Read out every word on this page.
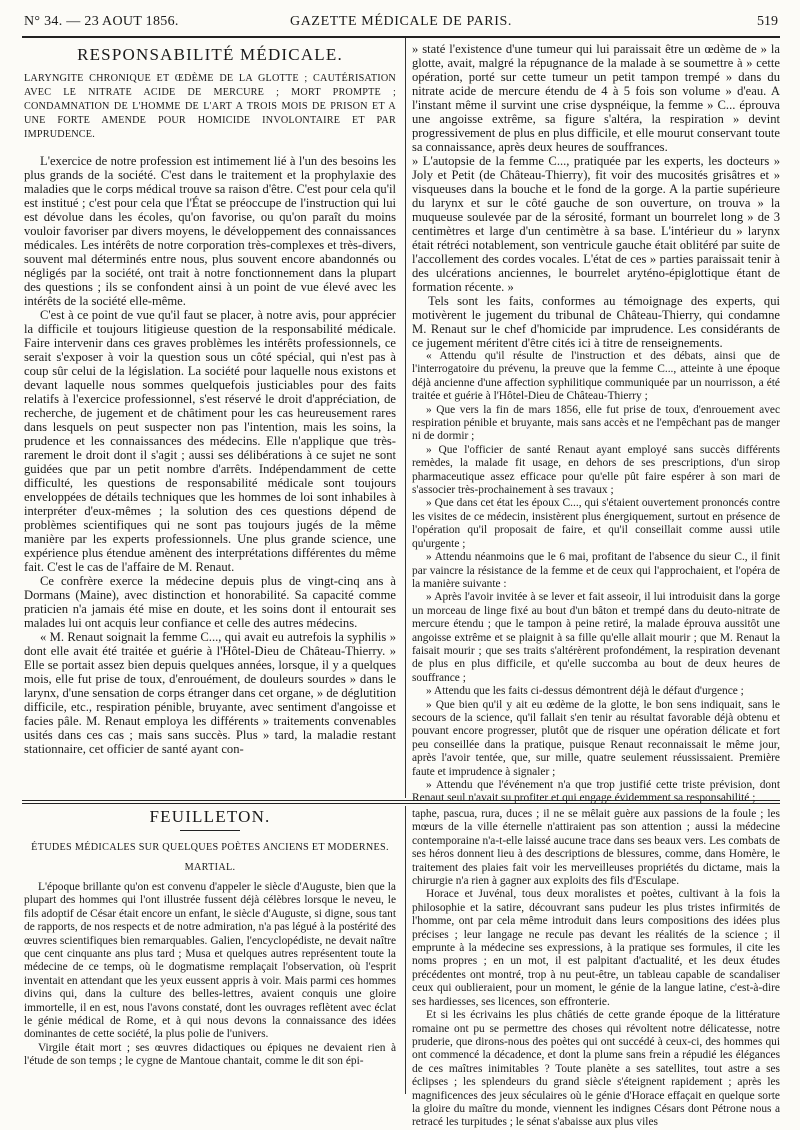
N° 34. — 23 AOUT 1856.	GAZETTE MÉDICALE DE PARIS.	519
RESPONSABILITÉ MÉDICALE.
LARYNGITE CHRONIQUE ET ŒDÈME DE LA GLOTTE ; CAUTÉRISATION AVEC LE NITRATE ACIDE DE MERCURE ; MORT PROMPTE ; CONDAMNATION DE L'HOMME DE L'ART A TROIS MOIS DE PRISON ET A UNE FORTE AMENDE POUR HOMICIDE INVOLONTAIRE ET PAR IMPRUDENCE.

L'exercice de notre profession est intimement lié à l'un des besoins les plus grands de la société. C'est dans le traitement et la prophylaxie des maladies que le corps médical trouve sa raison d'être. C'est pour cela qu'il est institué ; c'est pour cela que l'État se préoccupe de l'instruction qui lui est dévolue dans les écoles, qu'on favorise, ou qu'on paraît du moins vouloir favoriser par divers moyens, le développement des connaissances médicales. Les intérêts de notre corporation très-complexes et très-divers, souvent mal déterminés entre nous, plus souvent encore abandonnés ou négligés par la société, ont trait à notre fonctionnement dans la plupart des questions ; ils se confondent ainsi à un point de vue élevé avec les intérêts de la société elle-même.

C'est à ce point de vue qu'il faut se placer, à notre avis, pour apprécier la difficile et toujours litigieuse question de la responsabilité médicale. Faire intervenir dans ces graves problèmes les intérêts professionnels, ce serait s'exposer à voir la question sous un côté spécial, qui n'est pas à coup sûr celui de la législation. La société pour laquelle nous existons et devant laquelle nous sommes quelquefois justiciables pour des faits relatifs à l'exercice professionnel, s'est réservé le droit d'appréciation, de recherche, de jugement et de châtiment pour les cas heureusement rares dans lesquels on peut suspecter non pas l'intention, mais les soins, la prudence et les connaissances des médecins. Elle n'applique que très-rarement le droit dont il s'agit ; aussi ses délibérations à ce sujet ne sont guidées que par un petit nombre d'arrêts. Indépendamment de cette difficulté, les questions de responsabilité médicale sont toujours enveloppées de détails techniques que les hommes de loi sont inhabiles à interpréter d'eux-mêmes ; la solution des ces questions dépend de problèmes scientifiques qui ne sont pas toujours jugés de la même manière par les experts professionnels. Une plus grande science, une expérience plus étendue amènent des interprétations différentes du même fait. C'est le cas de l'affaire de M. Renaut.

Ce confrère exerce la médecine depuis plus de vingt-cinq ans à Dormans (Maine), avec distinction et honorabilité. Sa capacité comme praticien n'a jamais été mise en doute, et les soins dont il entourait ses malades lui ont acquis leur confiance et celle des autres médecins.

« M. Renaut soignait la femme C..., qui avait eu autrefois la syphilis » dont elle avait été traitée et guérie à l'Hôtel-Dieu de Château-Thierry. » Elle se portait assez bien depuis quelques années, lorsque, il y a quelques mois, elle fut prise de toux, d'enrouément, de douleurs sourdes » dans le larynx, d'une sensation de corps étranger dans cet organe, » de déglutition difficile, etc., respiration pénible, bruyante, avec sentiment d'angoisse et facies pâle. M. Renaut employa les différents » traitements convenables usités dans ces cas ; mais sans succès. Plus » tard, la maladie restant stationnaire, cet officier de santé ayant con-

» staté l'existence d'une tumeur qui lui paraissait être un œdème de » la glotte, avait, malgré la répugnance de la malade à se soumettre à » cette opération, porté sur cette tumeur un petit tampon trempé » dans du nitrate acide de mercure étendu de 4 à 5 fois son volume » d'eau. A l'instant même il survint une crise dyspnéique, la femme » C... éprouva une angoisse extrême, sa figure s'altéra, la respiration » devint progressivement de plus en plus difficile, et elle mourut conservant toute sa connaissance, après deux heures de souffrances.

» L'autopsie de la femme C..., pratiquée par les experts, les docteurs » Joly et Petit (de Château-Thierry), fit voir des mucosités grisâtres et » visqueuses dans la bouche et le fond de la gorge. A la partie supérieure du larynx et sur le côté gauche de son ouverture, on trouva » la muqueuse soulevée par de la sérosité, formant un bourrelet long » de 3 centimètres et large d'un centimètre à sa base. L'intérieur du » larynx était rétréci notablement, son ventricule gauche était oblitéré par suite de l'accollement des cordes vocales. L'état de ces » parties paraissait tenir à des ulcérations anciennes, le bourrelet aryténo-épiglottique étant de formation récente. »

Tels sont les faits, conformes au témoignage des experts, qui motivèrent le jugement du tribunal de Château-Thierry, qui condamne M. Renaut sur le chef d'homicide par imprudence. Les considérants de ce jugement méritent d'être cités ici à titre de renseignements.

« Attendu qu'il résulte de l'instruction et des débats, ainsi que de l'interrogatoire du prévenu, la preuve que la femme C..., atteinte à une époque déjà ancienne d'une affection syphilitique communiquée par un nourrisson, a été traitée et guérie à l'Hôtel-Dieu de Château-Thierry ;

» Que vers la fin de mars 1856, elle fut prise de toux, d'enrouement avec respiration pénible et bruyante, mais sans accès et ne l'empêchant pas de manger ni de dormir ;

» Que l'officier de santé Renaut ayant employé sans succès différents remèdes, la malade fit usage, en dehors de ses prescriptions, d'un sirop pharmaceutique assez efficace pour qu'elle pût faire espérer à son mari de s'associer très-prochainement à ses travaux ;

» Que dans cet état les époux C..., qui s'étaient ouvertement prononcés contre les visites de ce médecin, insistèrent plus énergiquement, surtout en présence de l'opération qu'il proposait de faire, et qu'il conseillait comme aussi utile qu'urgente ;

» Attendu néanmoins que le 6 mai, profitant de l'absence du sieur C., il finit par vaincre la résistance de la femme et de ceux qui l'approchaient, et l'opéra de la manière suivante :

» Après l'avoir invitée à se lever et fait asseoir, il lui introduisit dans la gorge un morceau de linge fixé au bout d'un bâton et trempé dans du deuto-nitrate de mercure étendu ; que le tampon à peine retiré, la malade éprouva aussitôt une angoisse extrême et se plaignit à sa fille qu'elle allait mourir ; que M. Renaut la faisait mourir ; que ses traits s'altérèrent profondément, la respiration devenant de plus en plus difficile, et qu'elle succomba au bout de deux heures de souffrance ;

» Attendu que les faits ci-dessus démontrent déjà le défaut d'urgence ;

» Que bien qu'il y ait eu œdème de la glotte, le bon sens indiquait, sans le secours de la science, qu'il fallait s'en tenir au résultat favorable déjà obtenu et pouvant encore progresser, plutôt que de risquer une opération délicate et fort peu conseillée dans la pratique, puisque Renaut reconnaissait le même jour, après l'avoir tentée, que, sur mille, quatre seulement réussissaient. Première faute et imprudence à signaler ;

» Attendu que l'événement n'a que trop justifié cette triste prévision, dont Renaut seul n'avait su profiter et qui engage évidemment sa responsabilité ;

FEUILLETON.
ÉTUDES MÉDICALES SUR QUELQUES POÈTES ANCIENS ET MODERNES.
MARTIAL.

L'époque brillante qu'on est convenu d'appeler le siècle d'Auguste, bien que la plupart des hommes qui l'ont illustrée fussent déjà célèbres lorsque le neveu, le fils adoptif de César était encore un enfant, le siècle d'Auguste, si digne, sous tant de rapports, de nos respects et de notre admiration, n'a pas légué à la postérité des œuvres scientifiques bien remarquables. Galien, l'encyclopédiste, ne devait naître que cent cinquante ans plus tard ; Musa et quelques autres représentent toute la médecine de ce temps, où le dogmatisme remplaçait l'observation, où l'esprit inventait en attendant que les yeux eussent appris à voir. Mais parmi ces hommes divins qui, dans la culture des belles-lettres, avaient conquis une gloire immortelle, il en est, nous l'avons constaté, dont les ouvrages reflètent avec éclat le génie médical de Rome, et à qui nous devons la connaissance des idées dominantes de cette société, la plus polie de l'univers.

Virgile était mort ; ses œuvres didactiques ou épiques ne devaient rien à l'étude de son temps ; le cygne de Mantoue chantait, comme le dit son épi-

taphe, pascua, rura, duces ; il ne se mêlait guère aux passions de la foule ; les mœurs de la ville éternelle n'attiraient pas son attention ; aussi la médecine contemporaine n'a-t-elle laissé aucune trace dans ses beaux vers. Les combats de ses héros donnent lieu à des descriptions de blessures, comme, dans Homère, le traitement des plaies fait voir les merveilleuses propriétés du dictame, mais la chirurgie n'a rien à gagner aux exploits des fils d'Esculape.

Horace et Juvénal, tous deux moralistes et poètes, cultivant à la fois la philosophie et la satire, découvrant sans pudeur les plus tristes infirmités de l'homme, ont par cela même introduit dans leurs compositions des idées plus précises ; leur langage ne recule pas devant les réalités de la science ; il emprunte à la médecine ses expressions, à la pratique ses formules, il cite les noms propres ; en un mot, il est palpitant d'actualité, et les deux études précédentes ont montré, trop à nu peut-être, un tableau capable de scandaliser ceux qui oublieraient, pour un moment, le génie de la langue latine, c'est-à-dire ses hardiesses, ses licences, son effronterie.

Et si les écrivains les plus châtiés de cette grande époque de la littérature romaine ont pu se permettre des choses qui révoltent notre délicatesse, notre pruderie, que dirons-nous des poètes qui ont succédé à ceux-ci, des hommes qui ont commencé la décadence, et dont la plume sans frein a répudié les élégances de ces maîtres inimitables ? Toute planète a ses satellites, tout astre a ses éclipses ; les splendeurs du grand siècle s'éteignent rapidement ; après les magnificences des jeux séculaires où le génie d'Horace effaçait en quelque sorte la gloire du maître du monde, viennent les indignes Césars dont Pétrone nous a retracé les turpitudes ; le sénat s'abaisse aux plus viles
